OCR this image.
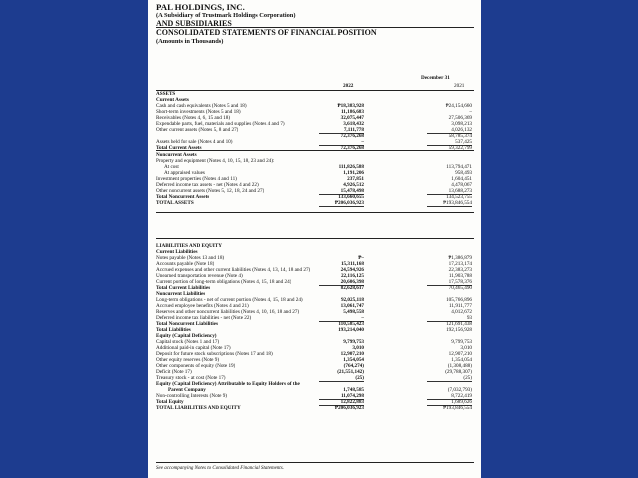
PAL HOLDINGS, INC.
(A Subsidiary of Trustmark Holdings Corporation)
AND SUBSIDIARIES
CONSOLIDATED STATEMENTS OF FINANCIAL POSITION
(Amounts in Thousands)
December 31
2022	2021
ASSETS
Current Assets
Cash and cash equivalents (Notes 5 and 18)	₱18,383,928	₱24,154,660
Short-term investments (Notes 5 and 18)	11,186,683	–
Receivables (Notes 4, 6, 15 and 18)	32,075,447	27,506,369
Expendable parts, fuel, materials and supplies (Notes 4 and 7)	3,618,432	3,098,213
Other current assets (Notes 5, 8 and 27)	7,111,778	4,026,132
72,376,268	58,785,374
Assets held for sale (Notes 4 and 10)	–	537,425
Total Current Assets	72,376,268	59,322,799
Noncurrent Assets
Property and equipment (Notes 4, 10, 15, 18, 23 and 24):
At cost	111,826,588	113,794,471
At appraised values	1,191,206	958,493
Investment properties (Notes 4 and 11)	237,851	1,604,451
Deferred income tax assets - net (Notes 4 and 22)	4,926,512	4,478,067
Other noncurrent assets (Notes 5, 12, 18, 24 and 27)	15,478,498	13,688,273
Total Noncurrent Assets	133,660,655	134,523,755
TOTAL ASSETS	₱206,036,923	₱193,846,554
LIABILITIES AND EQUITY
Current Liabilities
Notes payable (Notes 13 and 18)	₱–	₱1,386,879
Accounts payable (Note 18)	15,311,168	17,213,174
Accrued expenses and other current liabilities (Notes 4, 13, 14, 18 and 27)	24,594,926	22,383,273
Unearned transportation revenue (Note 4)	22,116,125	11,903,788
Current portion of long-term obligations (Notes 4, 15, 18 and 24)	20,606,398	17,578,376
Total Current Liabilities	82,628,617	70,465,490
Noncurrent Liabilities
Long-term obligations - net of current portion (Notes 4, 15, 18 and 24)	92,025,118	105,766,896
Accrued employee benefits (Notes 4 and 21)	13,061,747	11,911,777
Reserves and other noncurrent liabilities (Notes 4, 10, 16, 18 and 27)	5,498,558	4,012,672
Deferred income tax liabilities - net (Note 22)	–	93
Total Noncurrent Liabilities	110,585,423	121,691,438
Total Liabilities	193,214,040	192,156,928
Equity (Capital Deficiency)
Capital stock (Notes 1 and 17)	9,799,753	9,799,753
Additional paid-in capital (Note 17)	3,010	3,010
Deposit for future stock subscriptions (Notes 17 and 18)	12,907,210	12,907,210
Other equity reserves (Note 9)	1,354,054	1,354,054
Other components of equity (Note 19)	(764,274)	(1,308,488)
Deficit (Note 17)	(21,551,142)	(29,788,307)
Treasury stock - at cost (Note 17)	(25)	(25)
Equity (Capital Deficiency) Attributable to Equity Holders of the
Parent Company	1,748,585	(7,032,793)
Non-controlling Interests (Note 9)	11,074,298	8,722,419
Total Equity	12,822,883	1,689,626
TOTAL LIABILITIES AND EQUITY	₱206,036,923	₱193,846,554
See accompanying Notes to Consolidated Financial Statements.
